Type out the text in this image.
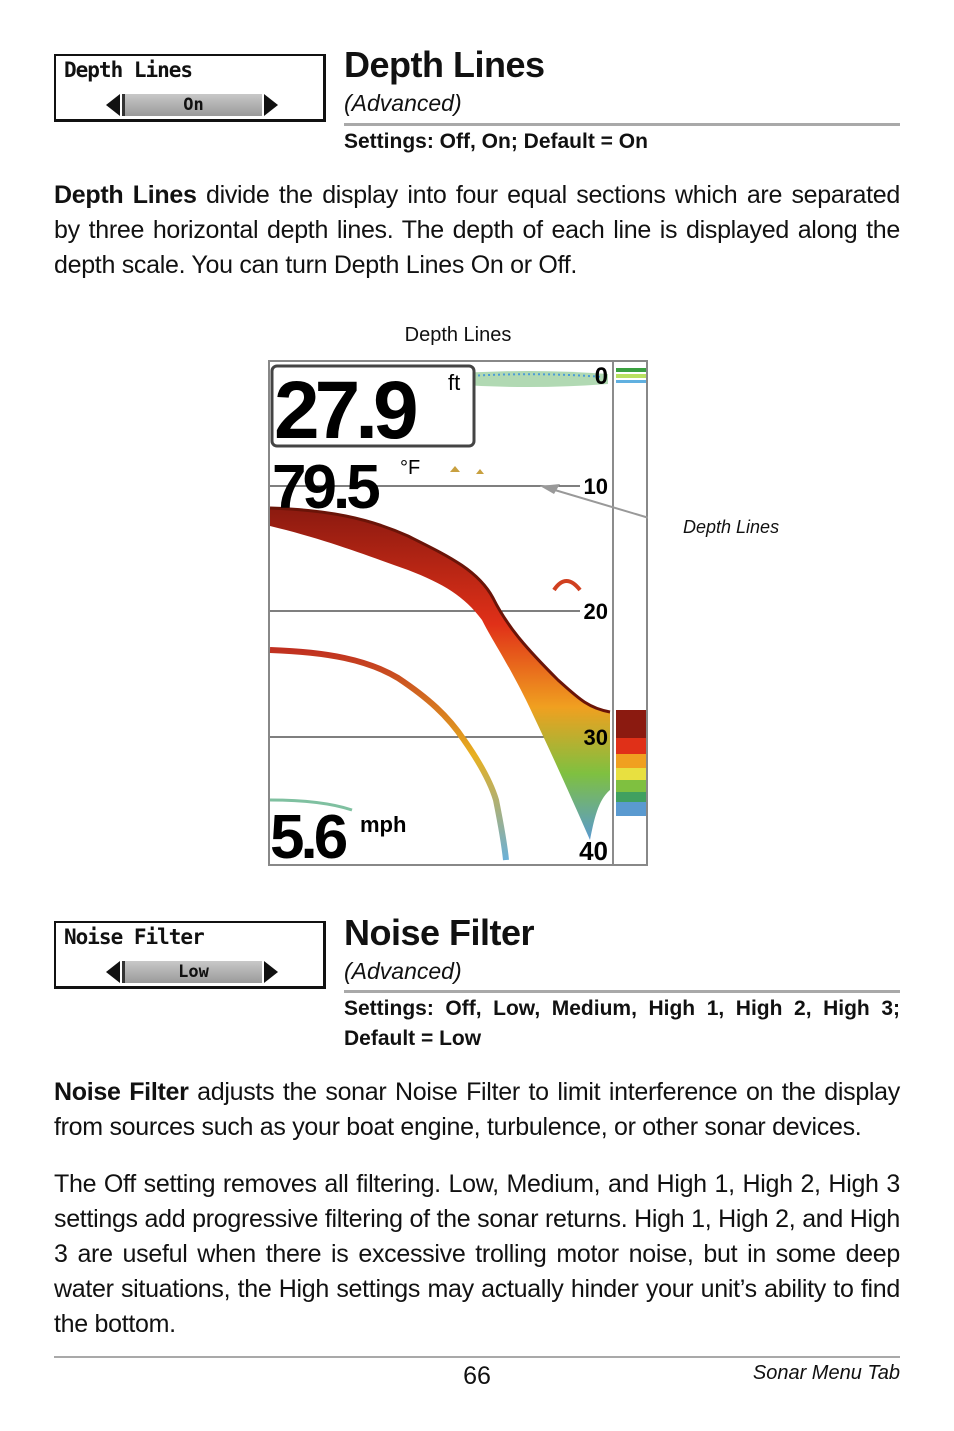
Depth Lines
On
Depth Lines
(Advanced)
Settings: Off, On; Default = On
Depth Lines divide the display into four equal sections which are separated by three horizontal depth lines. The depth of each line is displayed along the depth scale. You can turn Depth Lines On or Off.
Depth Lines
27.9 ft
79.5 °F
5.6 mph
0
10
20
30
40
Depth Lines
Noise Filter
Low
Noise Filter
(Advanced)
Settings: Off, Low, Medium, High 1, High 2, High 3; Default = Low
Noise Filter adjusts the sonar Noise Filter to limit interference on the display from sources such as your boat engine, turbulence, or other sonar devices.
The Off setting removes all filtering. Low, Medium, and High 1, High 2, High 3 settings add progressive filtering of the sonar returns. High 1, High 2, and High 3 are useful when there is excessive trolling motor noise, but in some deep water situations, the High settings may actually hinder your unit’s ability to find the bottom.
66	Sonar Menu Tab
